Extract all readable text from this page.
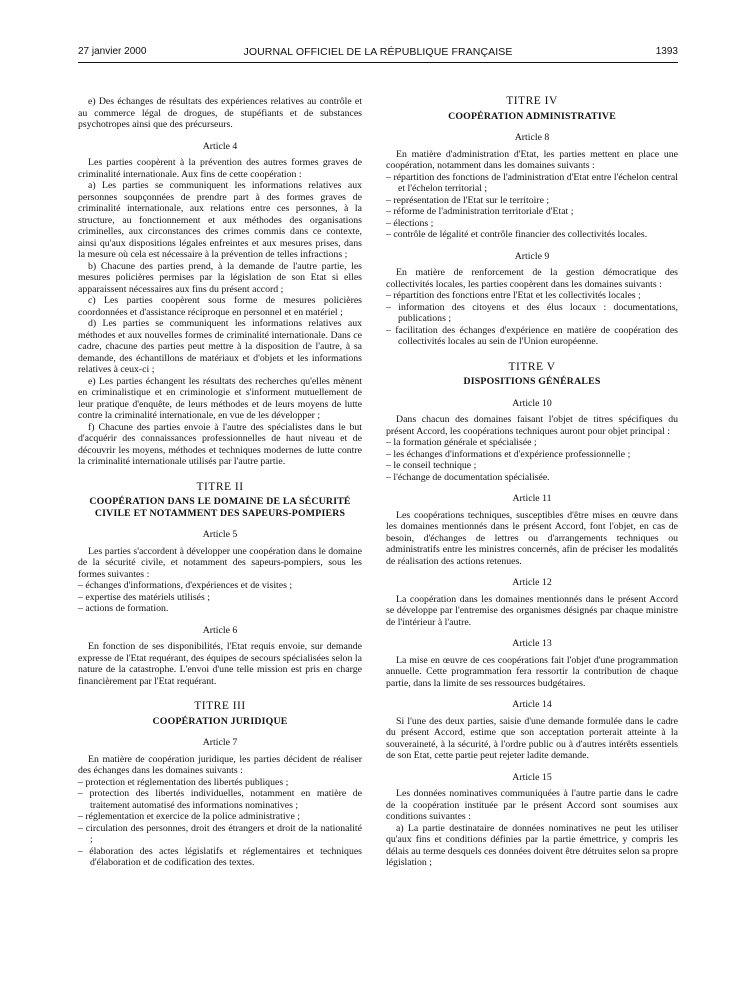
27 janvier 2000	JOURNAL OFFICIEL DE LA RÉPUBLIQUE FRANÇAISE	1393

e) Des échanges de résultats des expériences relatives au contrôle et au commerce légal de drogues, de stupéfiants et de substances psychotropes ainsi que des précurseurs.

Article 4

Les parties coopèrent à la prévention des autres formes graves de criminalité internationale. Aux fins de cette coopération :

a) Les parties se communiquent les informations relatives aux personnes soupçonnées de prendre part à des formes graves de criminalité internationale, aux relations entre ces personnes, à la structure, au fonctionnement et aux méthodes des organisations criminelles, aux circonstances des crimes commis dans ce contexte, ainsi qu'aux dispositions légales enfreintes et aux mesures prises, dans la mesure où cela est nécessaire à la prévention de telles infractions ;

b) Chacune des parties prend, à la demande de l'autre partie, les mesures policières permises par la législation de son Etat si elles apparaissent nécessaires aux fins du présent accord ;

c) Les parties coopèrent sous forme de mesures policières coordonnées et d'assistance réciproque en personnel et en matériel ;

d) Les parties se communiquent les informations relatives aux méthodes et aux nouvelles formes de criminalité internationale. Dans ce cadre, chacune des parties peut mettre à la disposition de l'autre, à sa demande, des échantillons de matériaux et d'objets et les informations relatives à ceux-ci ;

e) Les parties échangent les résultats des recherches qu'elles mènent en criminalistique et en criminologie et s'informent mutuellement de leur pratique d'enquête, de leurs méthodes et de leurs moyens de lutte contre la criminalité internationale, en vue de les développer ;

f) Chacune des parties envoie à l'autre des spécialistes dans le but d'acquérir des connaissances professionnelles de haut niveau et de découvrir les moyens, méthodes et techniques modernes de lutte contre la criminalité internationale utilisés par l'autre partie.

TITRE II
COOPÉRATION DANS LE DOMAINE DE LA SÉCURITÉ CIVILE ET NOTAMMENT DES SAPEURS-POMPIERS
Article 5

Les parties s'accordent à développer une coopération dans le domaine de la sécurité civile, et notamment des sapeurs-pompiers, sous les formes suivantes :

– échanges d'informations, d'expériences et de visites ;
– expertise des matériels utilisés ;
– actions de formation.
Article 6

En fonction de ses disponibilités, l'Etat requis envoie, sur demande expresse de l'Etat requérant, des équipes de secours spécialisées selon la nature de la catastrophe. L'envoi d'une telle mission est pris en charge financièrement par l'Etat requérant.

TITRE III
COOPÉRATION JURIDIQUE
Article 7

En matière de coopération juridique, les parties décident de réaliser des échanges dans les domaines suivants :

– protection et réglementation des libertés publiques ;
– protection des libertés individuelles, notamment en matière de traitement automatisé des informations nominatives ;
– réglementation et exercice de la police administrative ;
– circulation des personnes, droit des étrangers et droit de la nationalité ;
– élaboration des actes législatifs et réglementaires et techniques d'élaboration et de codification des textes.
TITRE IV
COOPÉRATION ADMINISTRATIVE
Article 8

En matière d'administration d'Etat, les parties mettent en place une coopération, notamment dans les domaines suivants :

– répartition des fonctions de l'administration d'Etat entre l'échelon central et l'échelon territorial ;
– représentation de l'Etat sur le territoire ;
– réforme de l'administration territoriale d'Etat ;
– élections ;
– contrôle de légalité et contrôle financier des collectivités locales.
Article 9

En matière de renforcement de la gestion démocratique des collectivités locales, les parties coopèrent dans les domaines suivants :

– répartition des fonctions entre l'Etat et les collectivités locales ;
– information des citoyens et des élus locaux : documentations, publications ;
– facilitation des échanges d'expérience en matière de coopération des collectivités locales au sein de l'Union européenne.
TITRE V
DISPOSITIONS GÉNÉRALES
Article 10

Dans chacun des domaines faisant l'objet de titres spécifiques du présent Accord, les coopérations techniques auront pour objet principal :

– la formation générale et spécialisée ;
– les échanges d'informations et d'expérience professionnelle ;
– le conseil technique ;
– l'échange de documentation spécialisée.
Article 11

Les coopérations techniques, susceptibles d'être mises en œuvre dans les domaines mentionnés dans le présent Accord, font l'objet, en cas de besoin, d'échanges de lettres ou d'arrangements techniques ou administratifs entre les ministres concernés, afin de préciser les modalités de réalisation des actions retenues.

Article 12

La coopération dans les domaines mentionnés dans le présent Accord se développe par l'entremise des organismes désignés par chaque ministre de l'intérieur à l'autre.

Article 13

La mise en œuvre de ces coopérations fait l'objet d'une programmation annuelle. Cette programmation fera ressortir la contribution de chaque partie, dans la limite de ses ressources budgétaires.

Article 14

Si l'une des deux parties, saisie d'une demande formulée dans le cadre du présent Accord, estime que son acceptation porterait atteinte à la souveraineté, à la sécurité, à l'ordre public ou à d'autres intérêts essentiels de son Etat, cette partie peut rejeter ladite demande.

Article 15

Les données nominatives communiquées à l'autre partie dans le cadre de la coopération instituée par le présent Accord sont soumises aux conditions suivantes :

a) La partie destinataire de données nominatives ne peut les utiliser qu'aux fins et conditions définies par la partie émettrice, y compris les délais au terme desquels ces données doivent être détruites selon sa propre législation ;
